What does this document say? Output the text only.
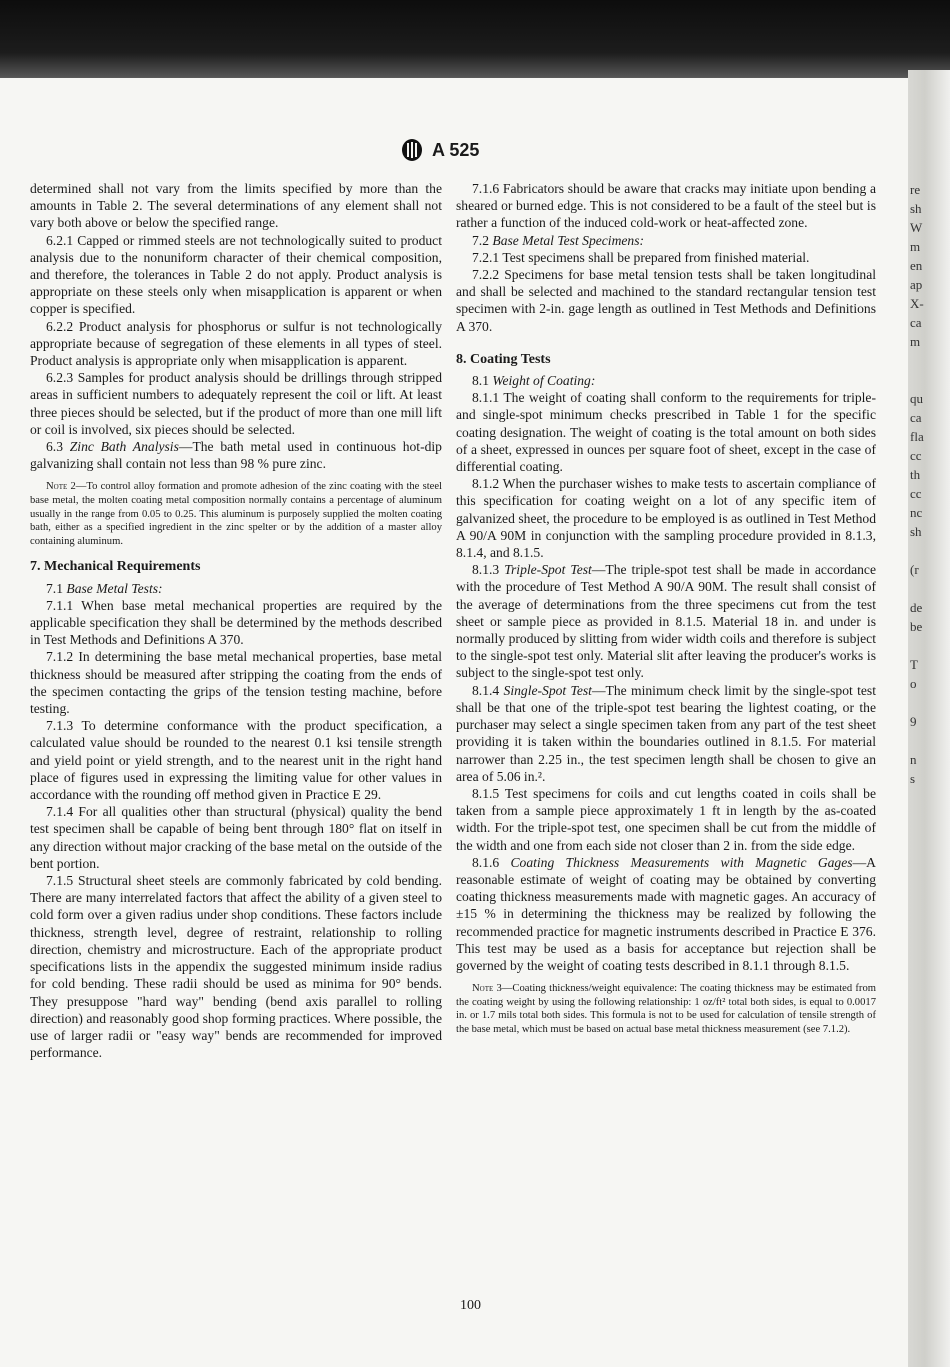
A 525

determined shall not vary from the limits specified by more than the amounts in Table 2. The several determinations of any element shall not vary both above or below the specified range.

6.2.1 Capped or rimmed steels are not technologically suited to product analysis due to the nonuniform character of their chemical composition, and therefore, the tolerances in Table 2 do not apply. Product analysis is appropriate on these steels only when misapplication is apparent or when copper is specified.

6.2.2 Product analysis for phosphorus or sulfur is not technologically appropriate because of segregation of these elements in all types of steel. Product analysis is appropriate only when misapplication is apparent.

6.2.3 Samples for product analysis should be drillings through stripped areas in sufficient numbers to adequately represent the coil or lift. At least three pieces should be selected, but if the product of more than one mill lift or coil is involved, six pieces should be selected.

6.3 Zinc Bath Analysis—The bath metal used in continuous hot-dip galvanizing shall contain not less than 98 % pure zinc.

Note 2—To control alloy formation and promote adhesion of the zinc coating with the steel base metal, the molten coating metal composition normally contains a percentage of aluminum usually in the range from 0.05 to 0.25. This aluminum is purposely supplied the molten coating bath, either as a specified ingredient in the zinc spelter or by the addition of a master alloy containing aluminum.

7. Mechanical Requirements

7.1 Base Metal Tests:

7.1.1 When base metal mechanical properties are required by the applicable specification they shall be determined by the methods described in Test Methods and Definitions A 370.

7.1.2 In determining the base metal mechanical properties, base metal thickness should be measured after stripping the coating from the ends of the specimen contacting the grips of the tension testing machine, before testing.

7.1.3 To determine conformance with the product specification, a calculated value should be rounded to the nearest 0.1 ksi tensile strength and yield point or yield strength, and to the nearest unit in the right hand place of figures used in expressing the limiting value for other values in accordance with the rounding off method given in Practice E 29.

7.1.4 For all qualities other than structural (physical) quality the bend test specimen shall be capable of being bent through 180° flat on itself in any direction without major cracking of the base metal on the outside of the bent portion.

7.1.5 Structural sheet steels are commonly fabricated by cold bending. There are many interrelated factors that affect the ability of a given steel to cold form over a given radius under shop conditions. These factors include thickness, strength level, degree of restraint, relationship to rolling direction, chemistry and microstructure. Each of the appropriate product specifications lists in the appendix the suggested minimum inside radius for cold bending. These radii should be used as minima for 90° bends. They presuppose "hard way" bending (bend axis parallel to rolling direction) and reasonably good shop forming practices. Where possible, the use of larger radii or "easy way" bends are recommended for improved performance.

7.1.6 Fabricators should be aware that cracks may initiate upon bending a sheared or burned edge. This is not considered to be a fault of the steel but is rather a function of the induced cold-work or heat-affected zone.

7.2 Base Metal Test Specimens:

7.2.1 Test specimens shall be prepared from finished material.

7.2.2 Specimens for base metal tension tests shall be taken longitudinal and shall be selected and machined to the standard rectangular tension test specimen with 2-in. gage length as outlined in Test Methods and Definitions A 370.

8. Coating Tests

8.1 Weight of Coating:

8.1.1 The weight of coating shall conform to the requirements for triple- and single-spot minimum checks prescribed in Table 1 for the specific coating designation. The weight of coating is the total amount on both sides of a sheet, expressed in ounces per square foot of sheet, except in the case of differential coating.

8.1.2 When the purchaser wishes to make tests to ascertain compliance of this specification for coating weight on a lot of any specific item of galvanized sheet, the procedure to be employed is as outlined in Test Method A 90/A 90M in conjunction with the sampling procedure provided in 8.1.3, 8.1.4, and 8.1.5.

8.1.3 Triple-Spot Test—The triple-spot test shall be made in accordance with the procedure of Test Method A 90/A 90M. The result shall consist of the average of determinations from the three specimens cut from the test sheet or sample piece as provided in 8.1.5. Material 18 in. and under is normally produced by slitting from wider width coils and therefore is subject to the single-spot test only. Material slit after leaving the producer's works is subject to the single-spot test only.

8.1.4 Single-Spot Test—The minimum check limit by the single-spot test shall be that one of the triple-spot test bearing the lightest coating, or the purchaser may select a single specimen taken from any part of the test sheet providing it is taken within the boundaries outlined in 8.1.5. For material narrower than 2.25 in., the test specimen length shall be chosen to give an area of 5.06 in.².

8.1.5 Test specimens for coils and cut lengths coated in coils shall be taken from a sample piece approximately 1 ft in length by the as-coated width. For the triple-spot test, one specimen shall be cut from the middle of the width and one from each side not closer than 2 in. from the side edge.

8.1.6 Coating Thickness Measurements with Magnetic Gages—A reasonable estimate of weight of coating may be obtained by converting coating thickness measurements made with magnetic gages. An accuracy of ±15 % in determining the thickness may be realized by following the recommended practice for magnetic instruments described in Practice E 376. This test may be used as a basis for acceptance but rejection shall be governed by the weight of coating tests described in 8.1.1 through 8.1.5.

Note 3—Coating thickness/weight equivalence: The coating thickness may be estimated from the coating weight by using the following relationship: 1 oz/ft² total both sides, is equal to 0.0017 in. or 1.7 mils total both sides. This formula is not to be used for calculation of tensile strength of the base metal, which must be based on actual base metal thickness measurement (see 7.1.2).

100
re
sh
W
m
en
ap
X-
ca
m

qu
ca
fla
cc
th
cc
nc
sh

(r

de
be

T
o

9

n
s
